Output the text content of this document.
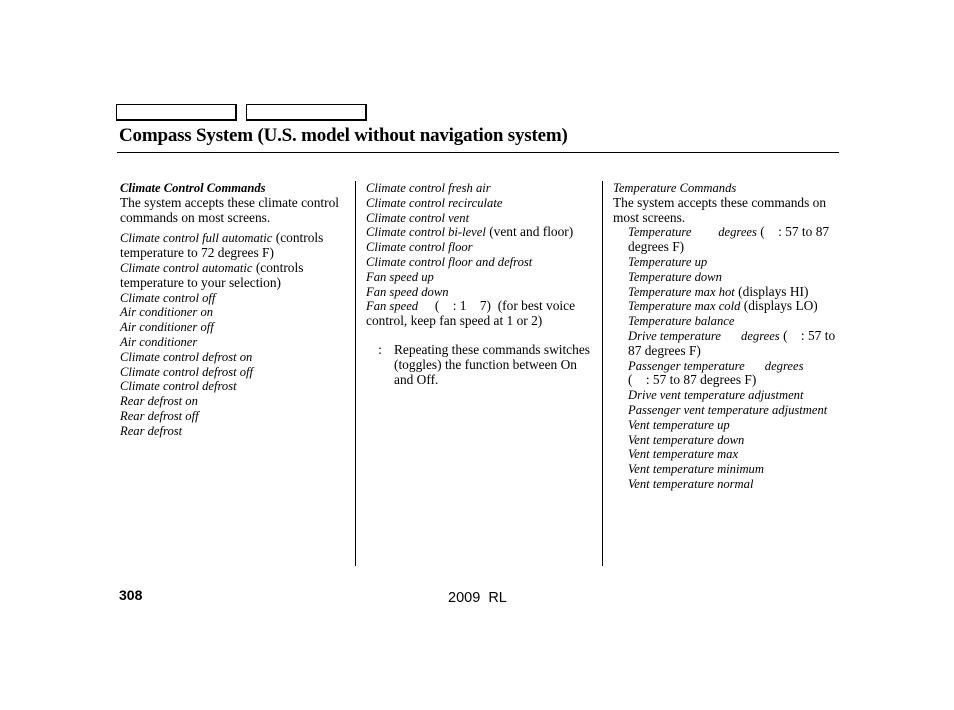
Compass System (U.S. model without navigation system)
Climate Control Commands
The system accepts these climate control commands on most screens.
Climate control full automatic (controls temperature to 72 degrees F)
Climate control automatic (controls temperature to your selection)
Climate control off
Air conditioner on
Air conditioner off
Air conditioner
Climate control defrost on
Climate control defrost off
Climate control defrost
Rear defrost on
Rear defrost off
Rear defrost
Climate control fresh air
Climate control recirculate
Climate control vent
Climate control bi-level (vent and floor)
Climate control floor
Climate control floor and defrost
Fan speed up
Fan speed down
Fan speed     (    : 1    7)  (for best voice control, keep fan speed at 1 or 2)
: Repeating these commands switches (toggles) the function between On and Off.
Temperature Commands
The system accepts these commands on most screens.
Temperature degrees (    : 57 to 87 degrees F)
Temperature up
Temperature down
Temperature max hot (displays HI)
Temperature max cold (displays LO)
Temperature balance
Drive temperature degrees (    : 57 to 87 degrees F)
Passenger temperature degrees
(    : 57 to 87 degrees F)
Drive vent temperature adjustment
Passenger vent temperature adjustment
Vent temperature up
Vent temperature down
Vent temperature max
Vent temperature minimum
Vent temperature normal
308	2009  RL
